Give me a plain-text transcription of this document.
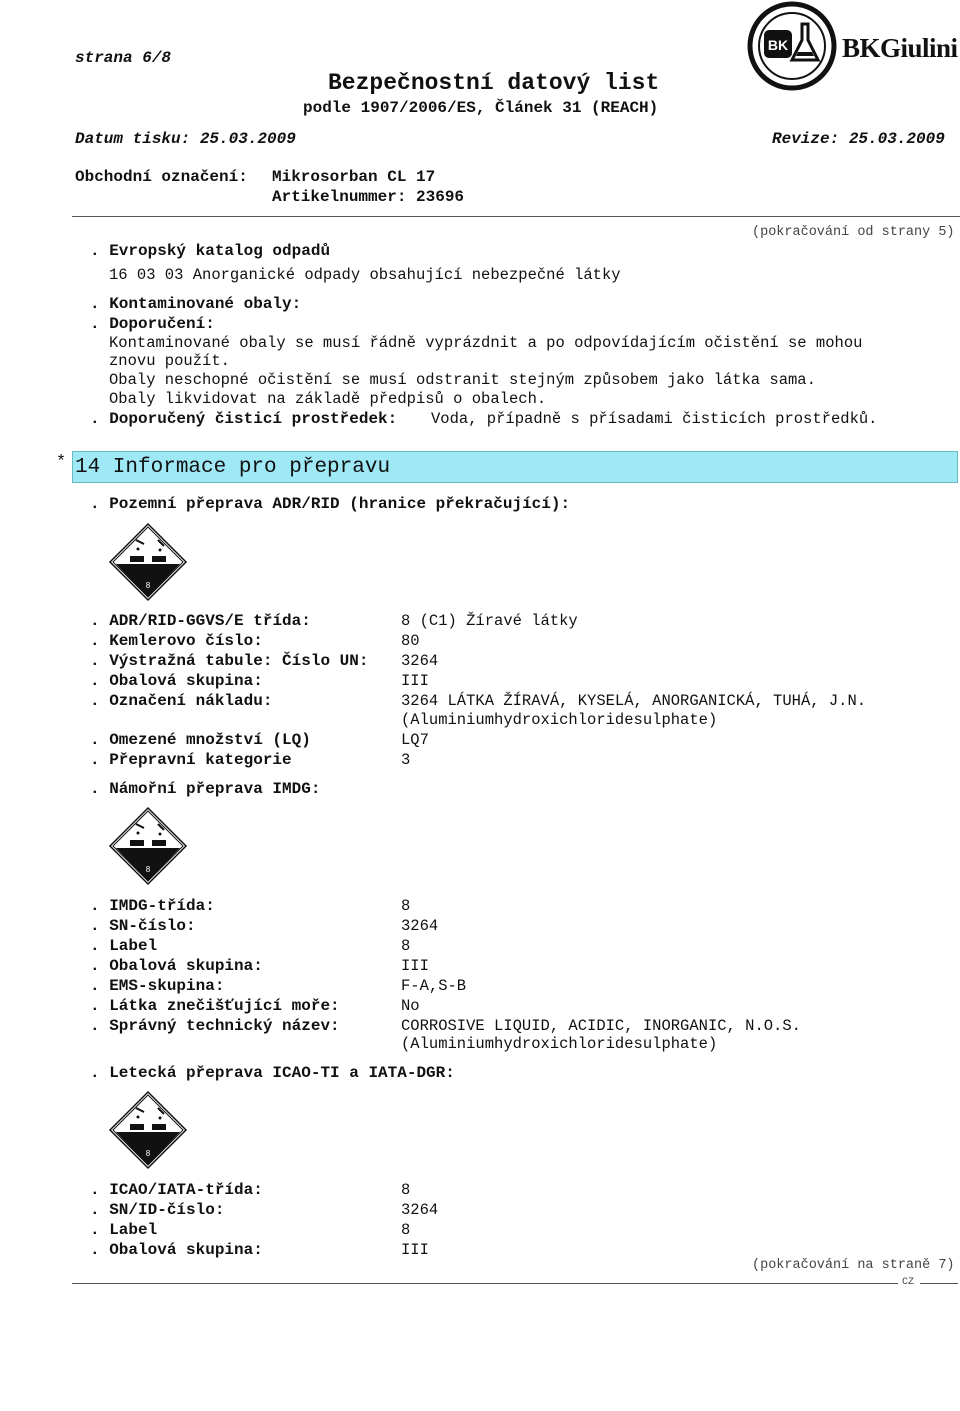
strana 6/8
Bezpečnostní datový list
podle 1907/2006/ES, Článek 31 (REACH)
Datum tisku: 25.03.2009	Revize: 25.03.2009
Obchodní označení: Mikrosorban CL 17
Artikelnummer: 23696
BK BKGiulini
(pokračování od strany 5)
. Evropský katalog odpadů
16 03 03 Anorganické odpady obsahující nebezpečné látky
. Kontaminované obaly:
. Doporučení:
Kontaminované obaly se musí řádně vyprázdnit a po odpovídajícím očistění se mohou
znovu použít.
Obaly neschopné očistění se musí odstranit stejným způsobem jako látka sama.
Obaly likvidovat na základě předpisů o obalech.
. Doporučený čisticí prostředek: Voda, případně s přísadami čisticích prostředků.
* 14 Informace pro přepravu
. Pozemní přeprava ADR/RID (hranice překračující):
8
. ADR/RID-GGVS/E třída:	8 (C1) Žíravé látky
. Kemlerovo číslo:	80
. Výstražná tabule: Číslo UN: 3264
. Obalová skupina:	III
. Označení nákladu:	3264 LÁTKA ŽÍRAVÁ, KYSELÁ, ANORGANICKÁ, TUHÁ, J.N.
(Aluminiumhydroxichloridesulphate)
. Omezené množství (LQ)	LQ7
. Přepravní kategorie	3
. Námořní přeprava IMDG:
8
. IMDG-třída:	8
. SN-číslo:	3264
. Label	8
. Obalová skupina:	III
. EMS-skupina:	F-A,S-B
. Látka znečišťující moře:	No
. Správný technický název:	CORROSIVE LIQUID, ACIDIC, INORGANIC, N.O.S.
(Aluminiumhydroxichloridesulphate)
. Letecká přeprava ICAO-TI a IATA-DGR:
8
. ICAO/IATA-třída:	8
. SN/ID-číslo:	3264
. Label	8
. Obalová skupina:	III
(pokračování na straně 7)
CZ
